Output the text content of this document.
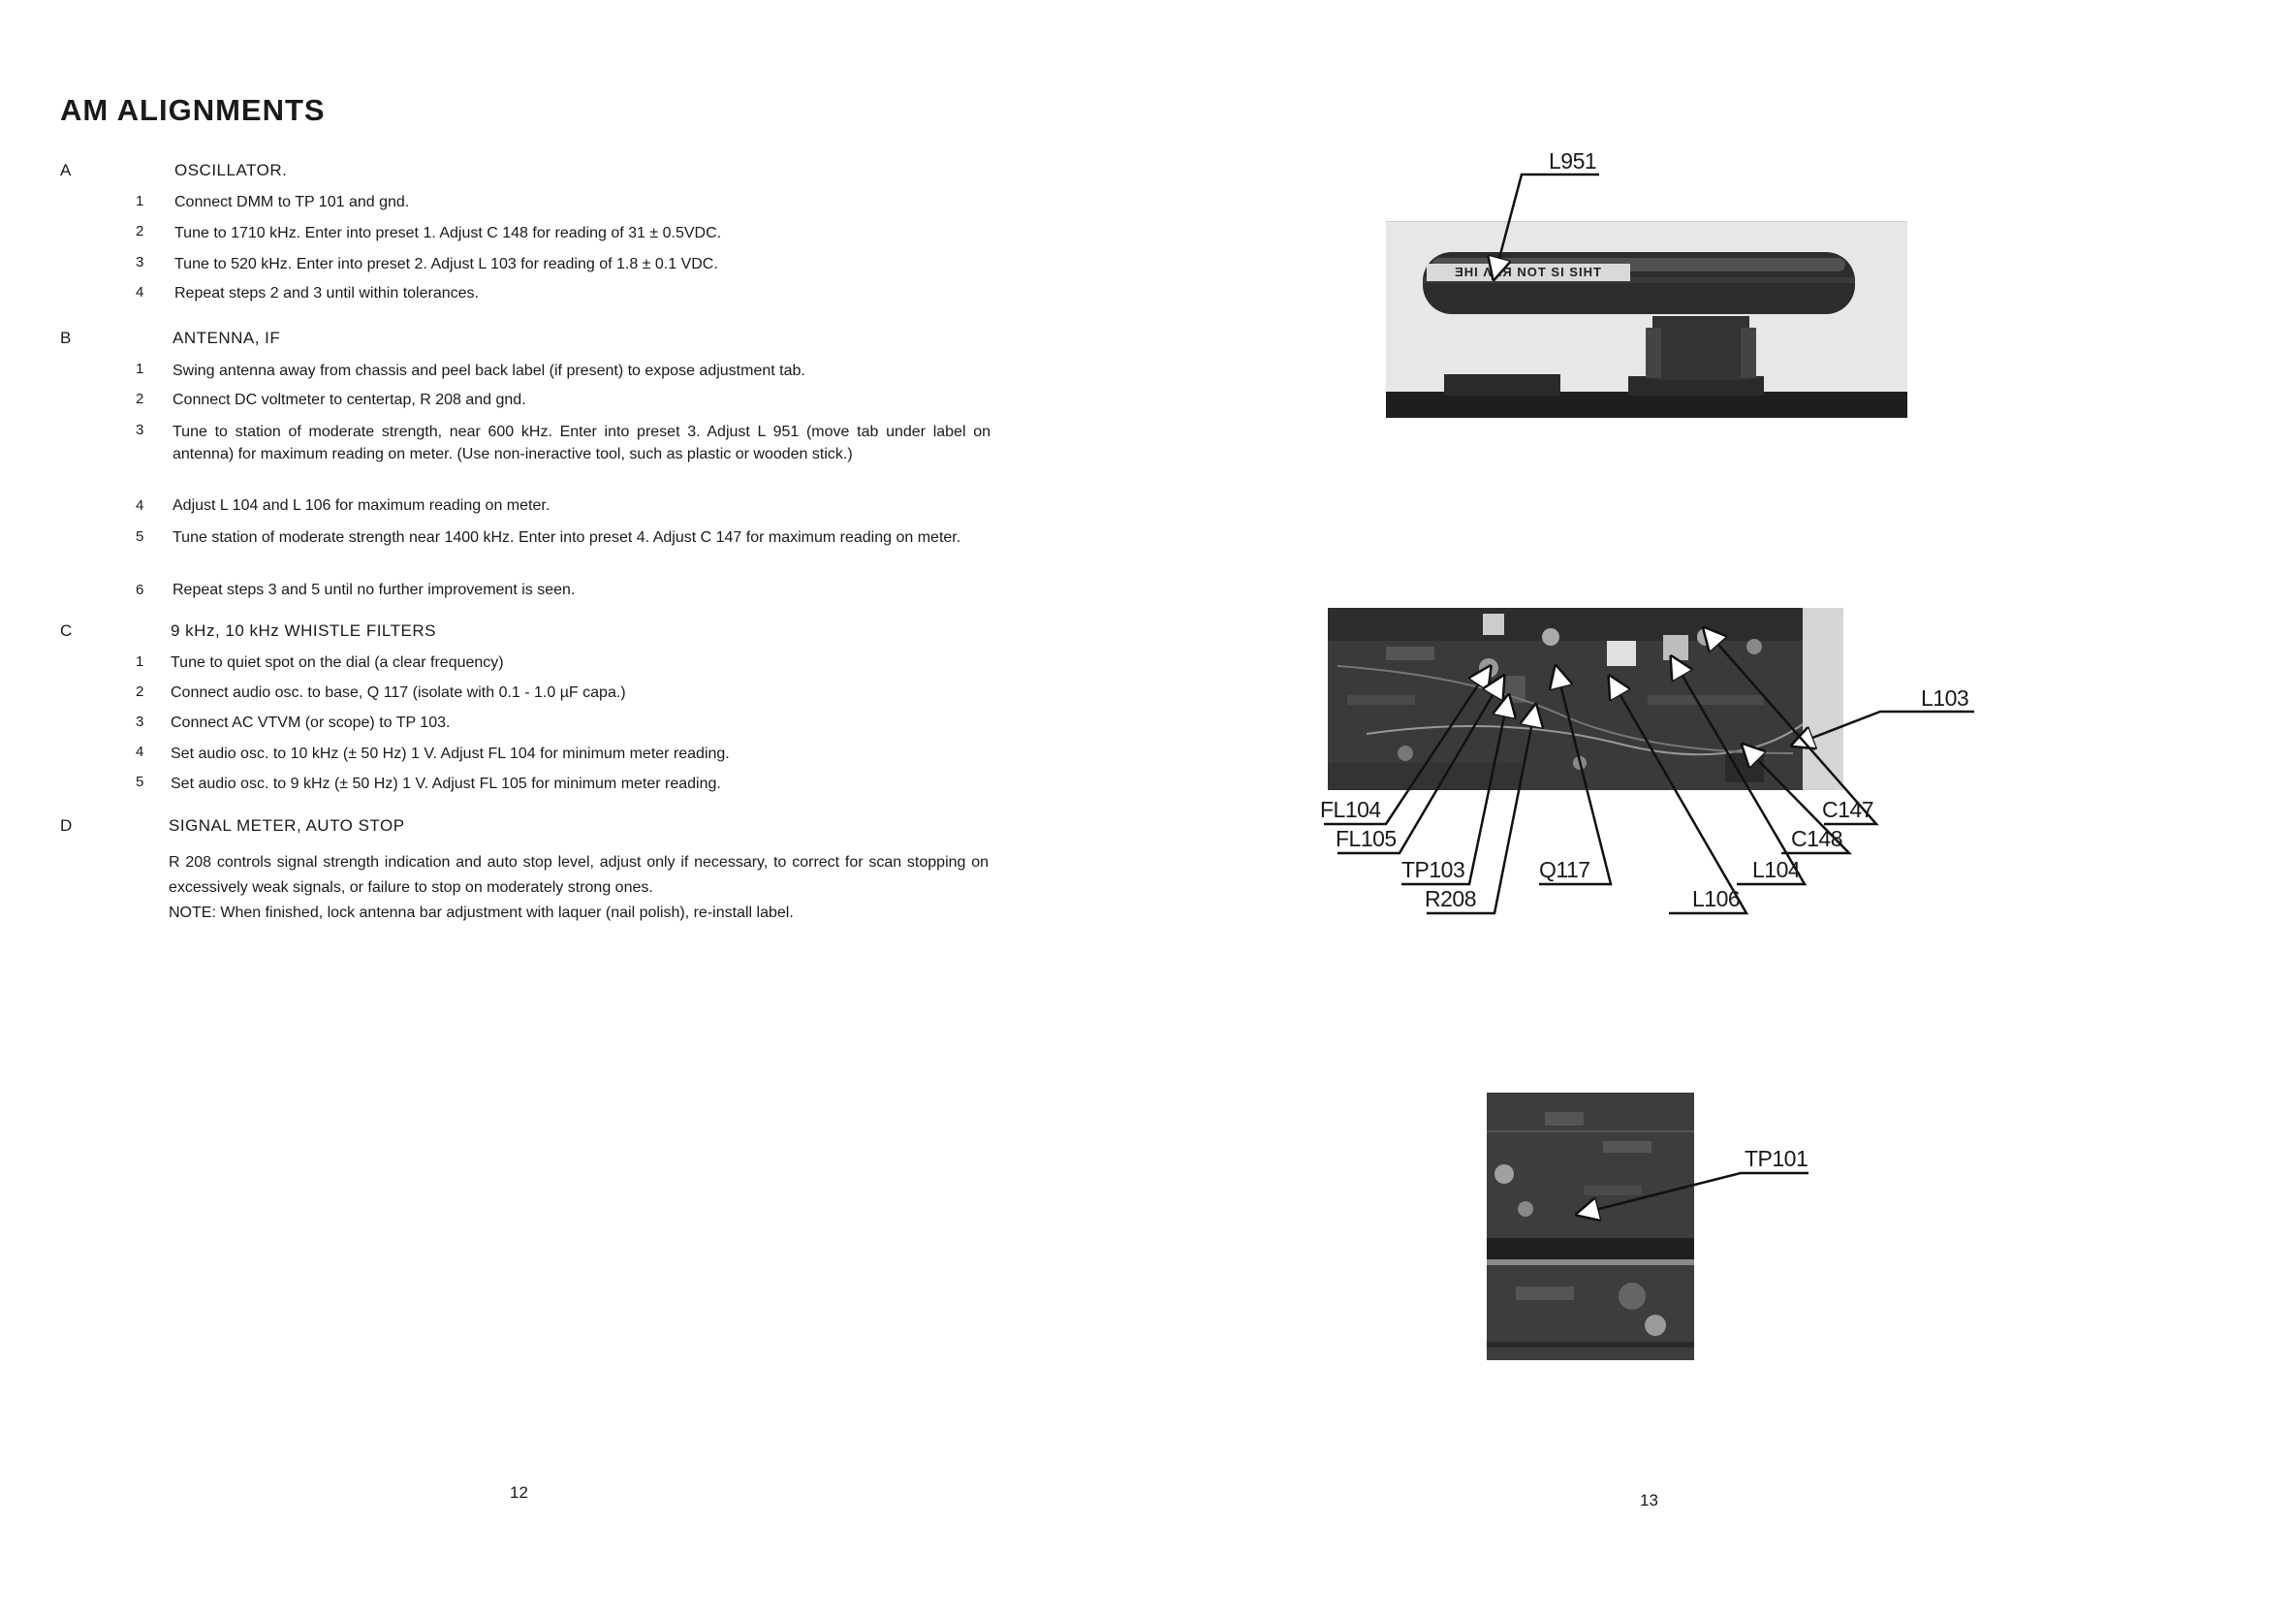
AM ALIGNMENTS
A	OSCILLATOR.
1 Connect DMM to TP 101 and gnd.
2 Tune to 1710 kHz. Enter into preset 1. Adjust C 148 for reading of 31 ± 0.5VDC.
3 Tune to 520 kHz. Enter into preset 2. Adjust L 103 for reading of 1.8 ± 0.1 VDC.
4 Repeat steps 2 and 3 until within tolerances.
B	ANTENNA, IF
1 Swing antenna away from chassis and peel back label (if present) to expose adjustment tab.
2 Connect DC voltmeter to centertap, R 208 and gnd.
3 Tune to station of moderate strength, near 600 kHz. Enter into preset 3. Adjust L 951 (move tab under label on antenna) for maximum reading on meter. (Use non-ineractive tool, such as plastic or wooden stick.)
4 Adjust L 104 and L 106 for maximum reading on meter.
5 Tune station of moderate strength near 1400 kHz. Enter into preset 4. Adjust C 147 for maximum reading on meter.
6 Repeat steps 3 and 5 until no further improvement is seen.
C	9 kHz, 10 kHz WHISTLE FILTERS
1 Tune to quiet spot on the dial (a clear frequency)
2 Connect audio osc. to base, Q 117 (isolate with 0.1 - 1.0 µF capa.)
3 Connect AC VTVM (or scope) to TP 103.
4 Set audio osc. to 10 kHz (± 50 Hz) 1 V. Adjust FL 104 for minimum meter reading.
5 Set audio osc. to 9 kHz (± 50 Hz) 1 V. Adjust FL 105 for minimum meter reading.
D	SIGNAL METER, AUTO STOP
R 208 controls signal strength indication and auto stop level, adjust only if necessary, to correct for scan stopping on excessively weak signals, or failure to stop on moderately strong ones.
NOTE: When finished, lock antenna bar adjustment with laquer (nail polish), re-install label.
12	13
ƎHI ΛNЯ NOT SI SIHT
L951
L103
FL104
FL105
TP103
R208
Q117
L106
L104
C148
C147
TP101
